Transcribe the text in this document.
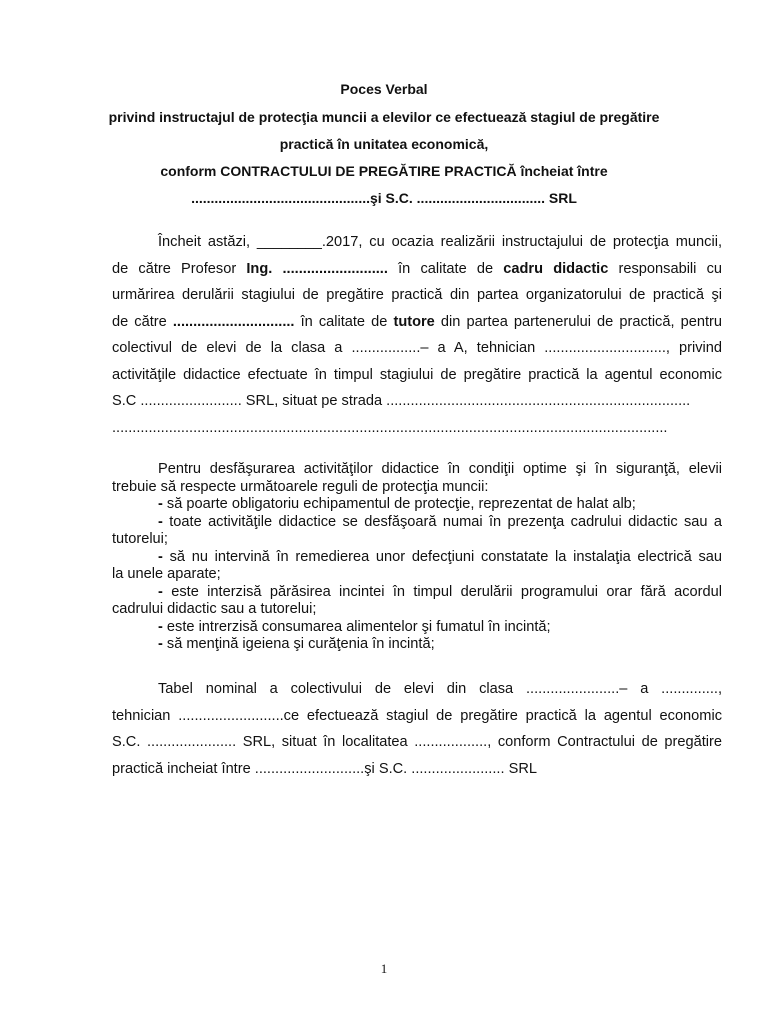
Poces Verbal
privind instructajul de protecţia muncii a elevilor ce efectuează stagiul de pregătire
practică în unitatea economică,
conform CONTRACTULUI DE PREGĂTIRE PRACTICĂ încheiat între
..............................................şi S.C. ................................. SRL
Încheit astăzi, ________.2017, cu ocazia realizării instructajului de protecţia muncii,
de către Profesor Ing. .......................... în calitate de cadru didactic responsabili cu
urmărirea derulării stagiului de pregătire practică din partea organizatorului de practică şi
de către .............................. în calitate de tutore din partea partenerului de practică, pentru
colectivul de elevi de la clasa a .................– a A, tehnician .............................., privind
activităţile didactice efectuate în timpul stagiului de pregătire practică la agentul economic
S.C ......................... SRL, situat pe strada ...........................................................................
.........................................................................................................................................
Pentru desfăşurarea activităţilor didactice în condiţii optime şi în siguranţă, elevii
trebuie să respecte următoarele reguli de protecţia muncii:
- să poarte obligatoriu echipamentul de protecţie, reprezentat de halat alb;
- toate activităţile didactice se desfăşoară numai în prezenţa cadrului didactic sau a
tutorelui;
- să nu intervină în remedierea unor defecţiuni constatate la instalaţia electrică sau
la unele aparate;
- este interzisă părăsirea incintei în timpul derulării programului orar fără acordul
cadrului didactic sau a tutorelui;
- este intrerzisă consumarea alimentelor şi fumatul în incintă;
- să menţină igeiena şi curăţenia în incintă;
Tabel nominal a colectivului de elevi din clasa .......................– a ..............,
tehnician ..........................ce efectuează stagiul de pregătire practică la agentul economic
S.C. ...................... SRL, situat în localitatea .................., conform Contractului de pregătire
practică incheiat între ...........................şi S.C. ....................... SRL
1
